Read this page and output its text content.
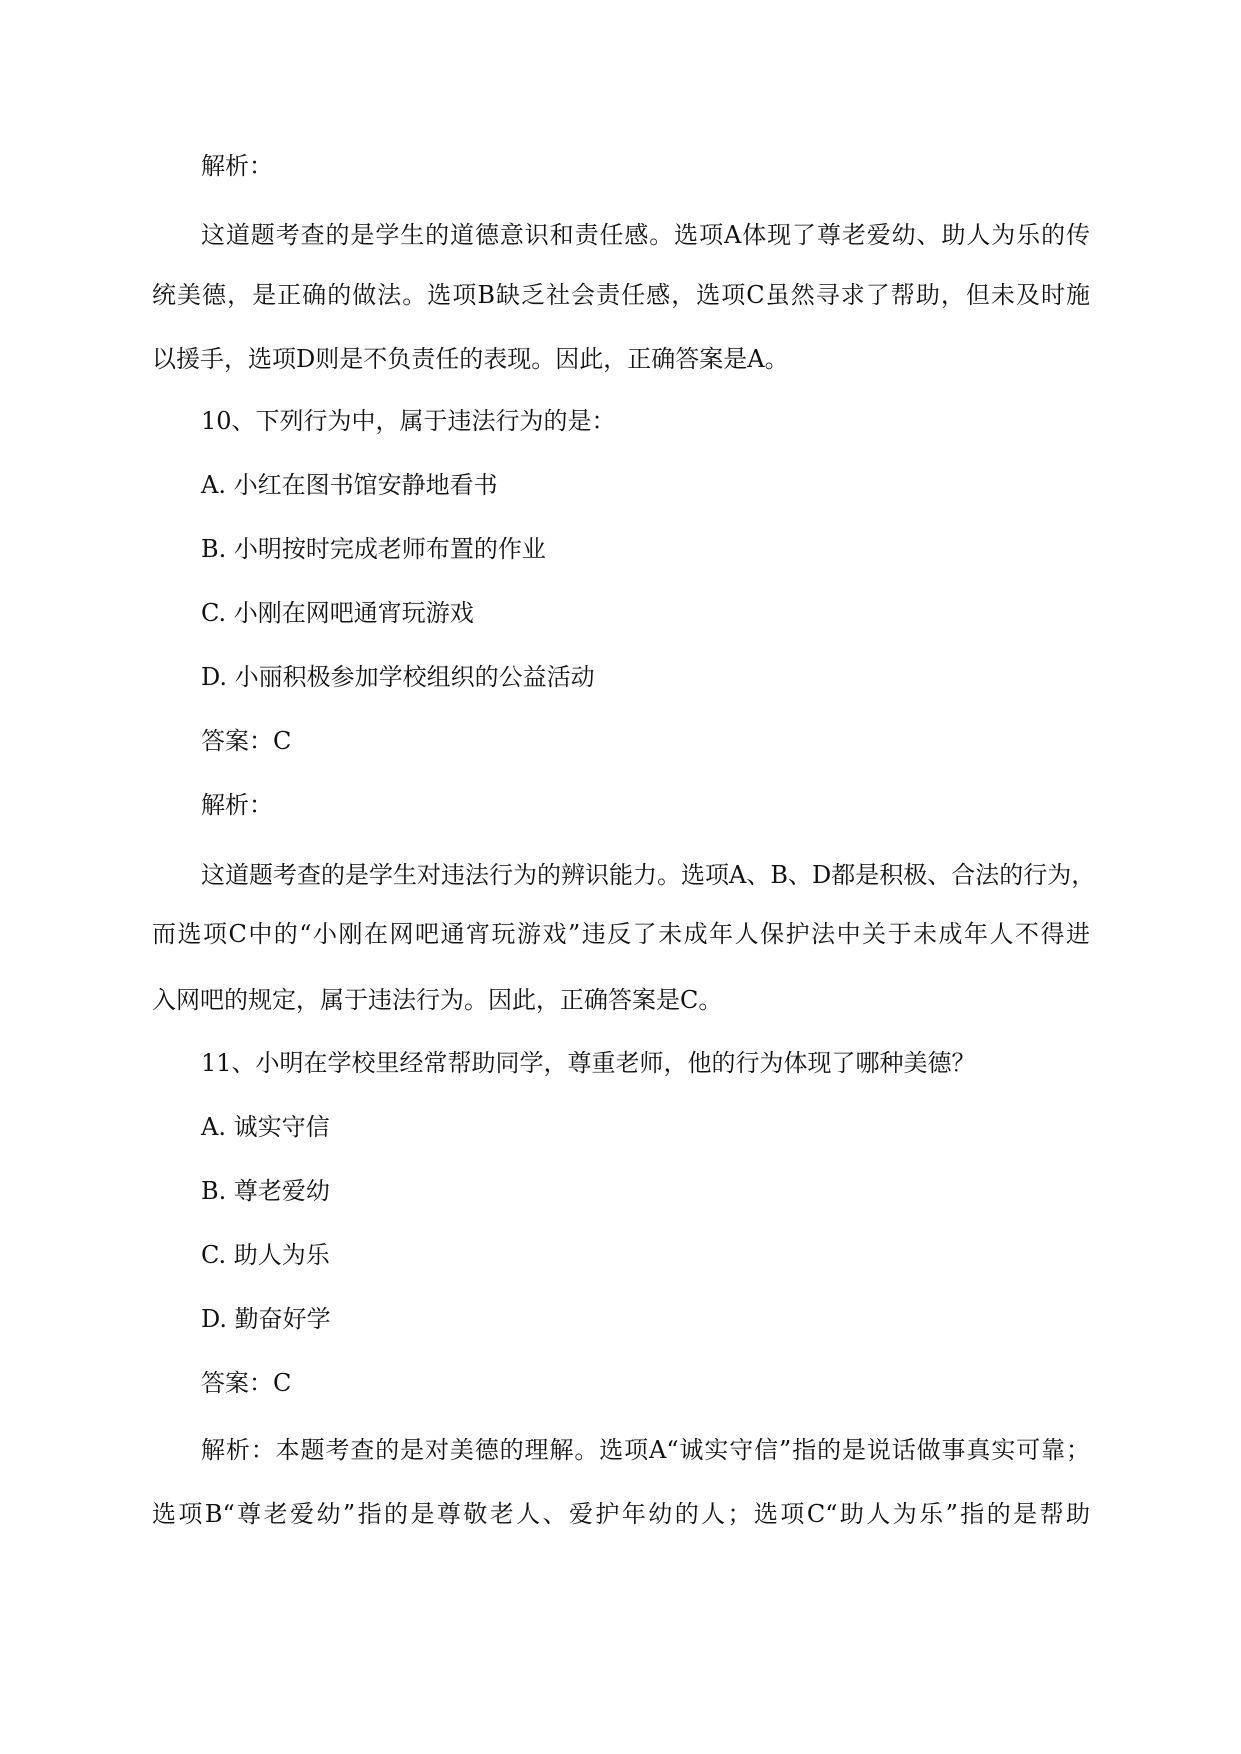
解析：
这道题考查的是学生的道德意识和责任感。选项A体现了尊老爱幼、助人为乐的传
统美德，是正确的做法。选项B缺乏社会责任感，选项C虽然寻求了帮助，但未及时施
以援手，选项D则是不负责任的表现。因此，正确答案是A。
10、下列行为中，属于违法行为的是：
A. 小红在图书馆安静地看书
B. 小明按时完成老师布置的作业
C. 小刚在网吧通宵玩游戏
D. 小丽积极参加学校组织的公益活动
答案：C
解析：
这道题考查的是学生对违法行为的辨识能力。选项A、B、D都是积极、合法的行为，
而选项C中的“小刚在网吧通宵玩游戏”违反了未成年人保护法中关于未成年人不得进
入网吧的规定，属于违法行为。因此，正确答案是C。
11、小明在学校里经常帮助同学，尊重老师，他的行为体现了哪种美德？
A. 诚实守信
B. 尊老爱幼
C. 助人为乐
D. 勤奋好学
答案：C
解析：本题考查的是对美德的理解。选项A“诚实守信”指的是说话做事真实可靠；
选项B“尊老爱幼”指的是尊敬老人、爱护年幼的人；选项C“助人为乐”指的是帮助
